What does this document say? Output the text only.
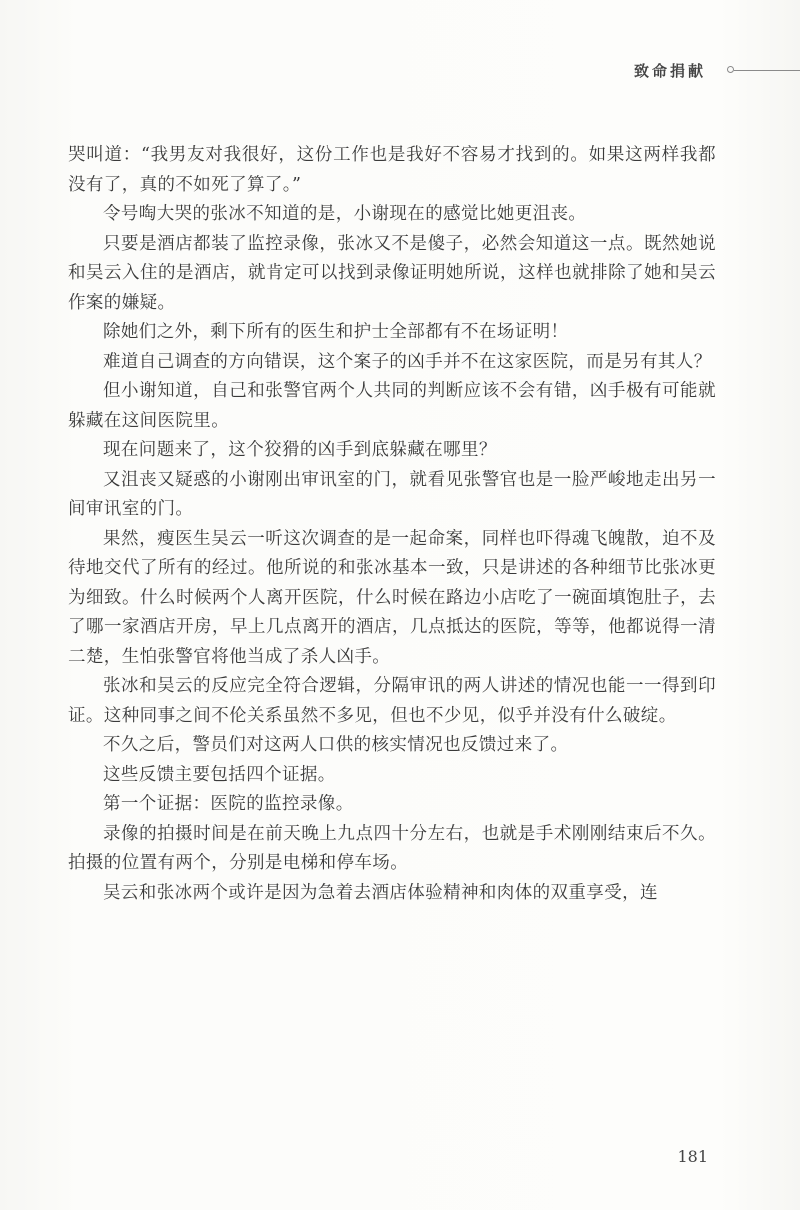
致命捐献

哭叫道：“我男友对我很好，这份工作也是我好不容易才找到的。如果这两样我都没有了，真的不如死了算了。”

令号啕大哭的张冰不知道的是，小谢现在的感觉比她更沮丧。

只要是酒店都装了监控录像，张冰又不是傻子，必然会知道这一点。既然她说和吴云入住的是酒店，就肯定可以找到录像证明她所说，这样也就排除了她和吴云作案的嫌疑。

除她们之外，剩下所有的医生和护士全部都有不在场证明！

难道自己调查的方向错误，这个案子的凶手并不在这家医院，而是另有其人？

但小谢知道，自己和张警官两个人共同的判断应该不会有错，凶手极有可能就躲藏在这间医院里。

现在问题来了，这个狡猾的凶手到底躲藏在哪里？

又沮丧又疑惑的小谢刚出审讯室的门，就看见张警官也是一脸严峻地走出另一间审讯室的门。

果然，瘦医生吴云一听这次调查的是一起命案，同样也吓得魂飞魄散，迫不及待地交代了所有的经过。他所说的和张冰基本一致，只是讲述的各种细节比张冰更为细致。什么时候两个人离开医院，什么时候在路边小店吃了一碗面填饱肚子，去了哪一家酒店开房，早上几点离开的酒店，几点抵达的医院，等等，他都说得一清二楚，生怕张警官将他当成了杀人凶手。

张冰和吴云的反应完全符合逻辑，分隔审讯的两人讲述的情况也能一一得到印证。这种同事之间不伦关系虽然不多见，但也不少见，似乎并没有什么破绽。

不久之后，警员们对这两人口供的核实情况也反馈过来了。

这些反馈主要包括四个证据。

第一个证据：医院的监控录像。

录像的拍摄时间是在前天晚上九点四十分左右，也就是手术刚刚结束后不久。拍摄的位置有两个，分别是电梯和停车场。

吴云和张冰两个或许是因为急着去酒店体验精神和肉体的双重享受，连

181
